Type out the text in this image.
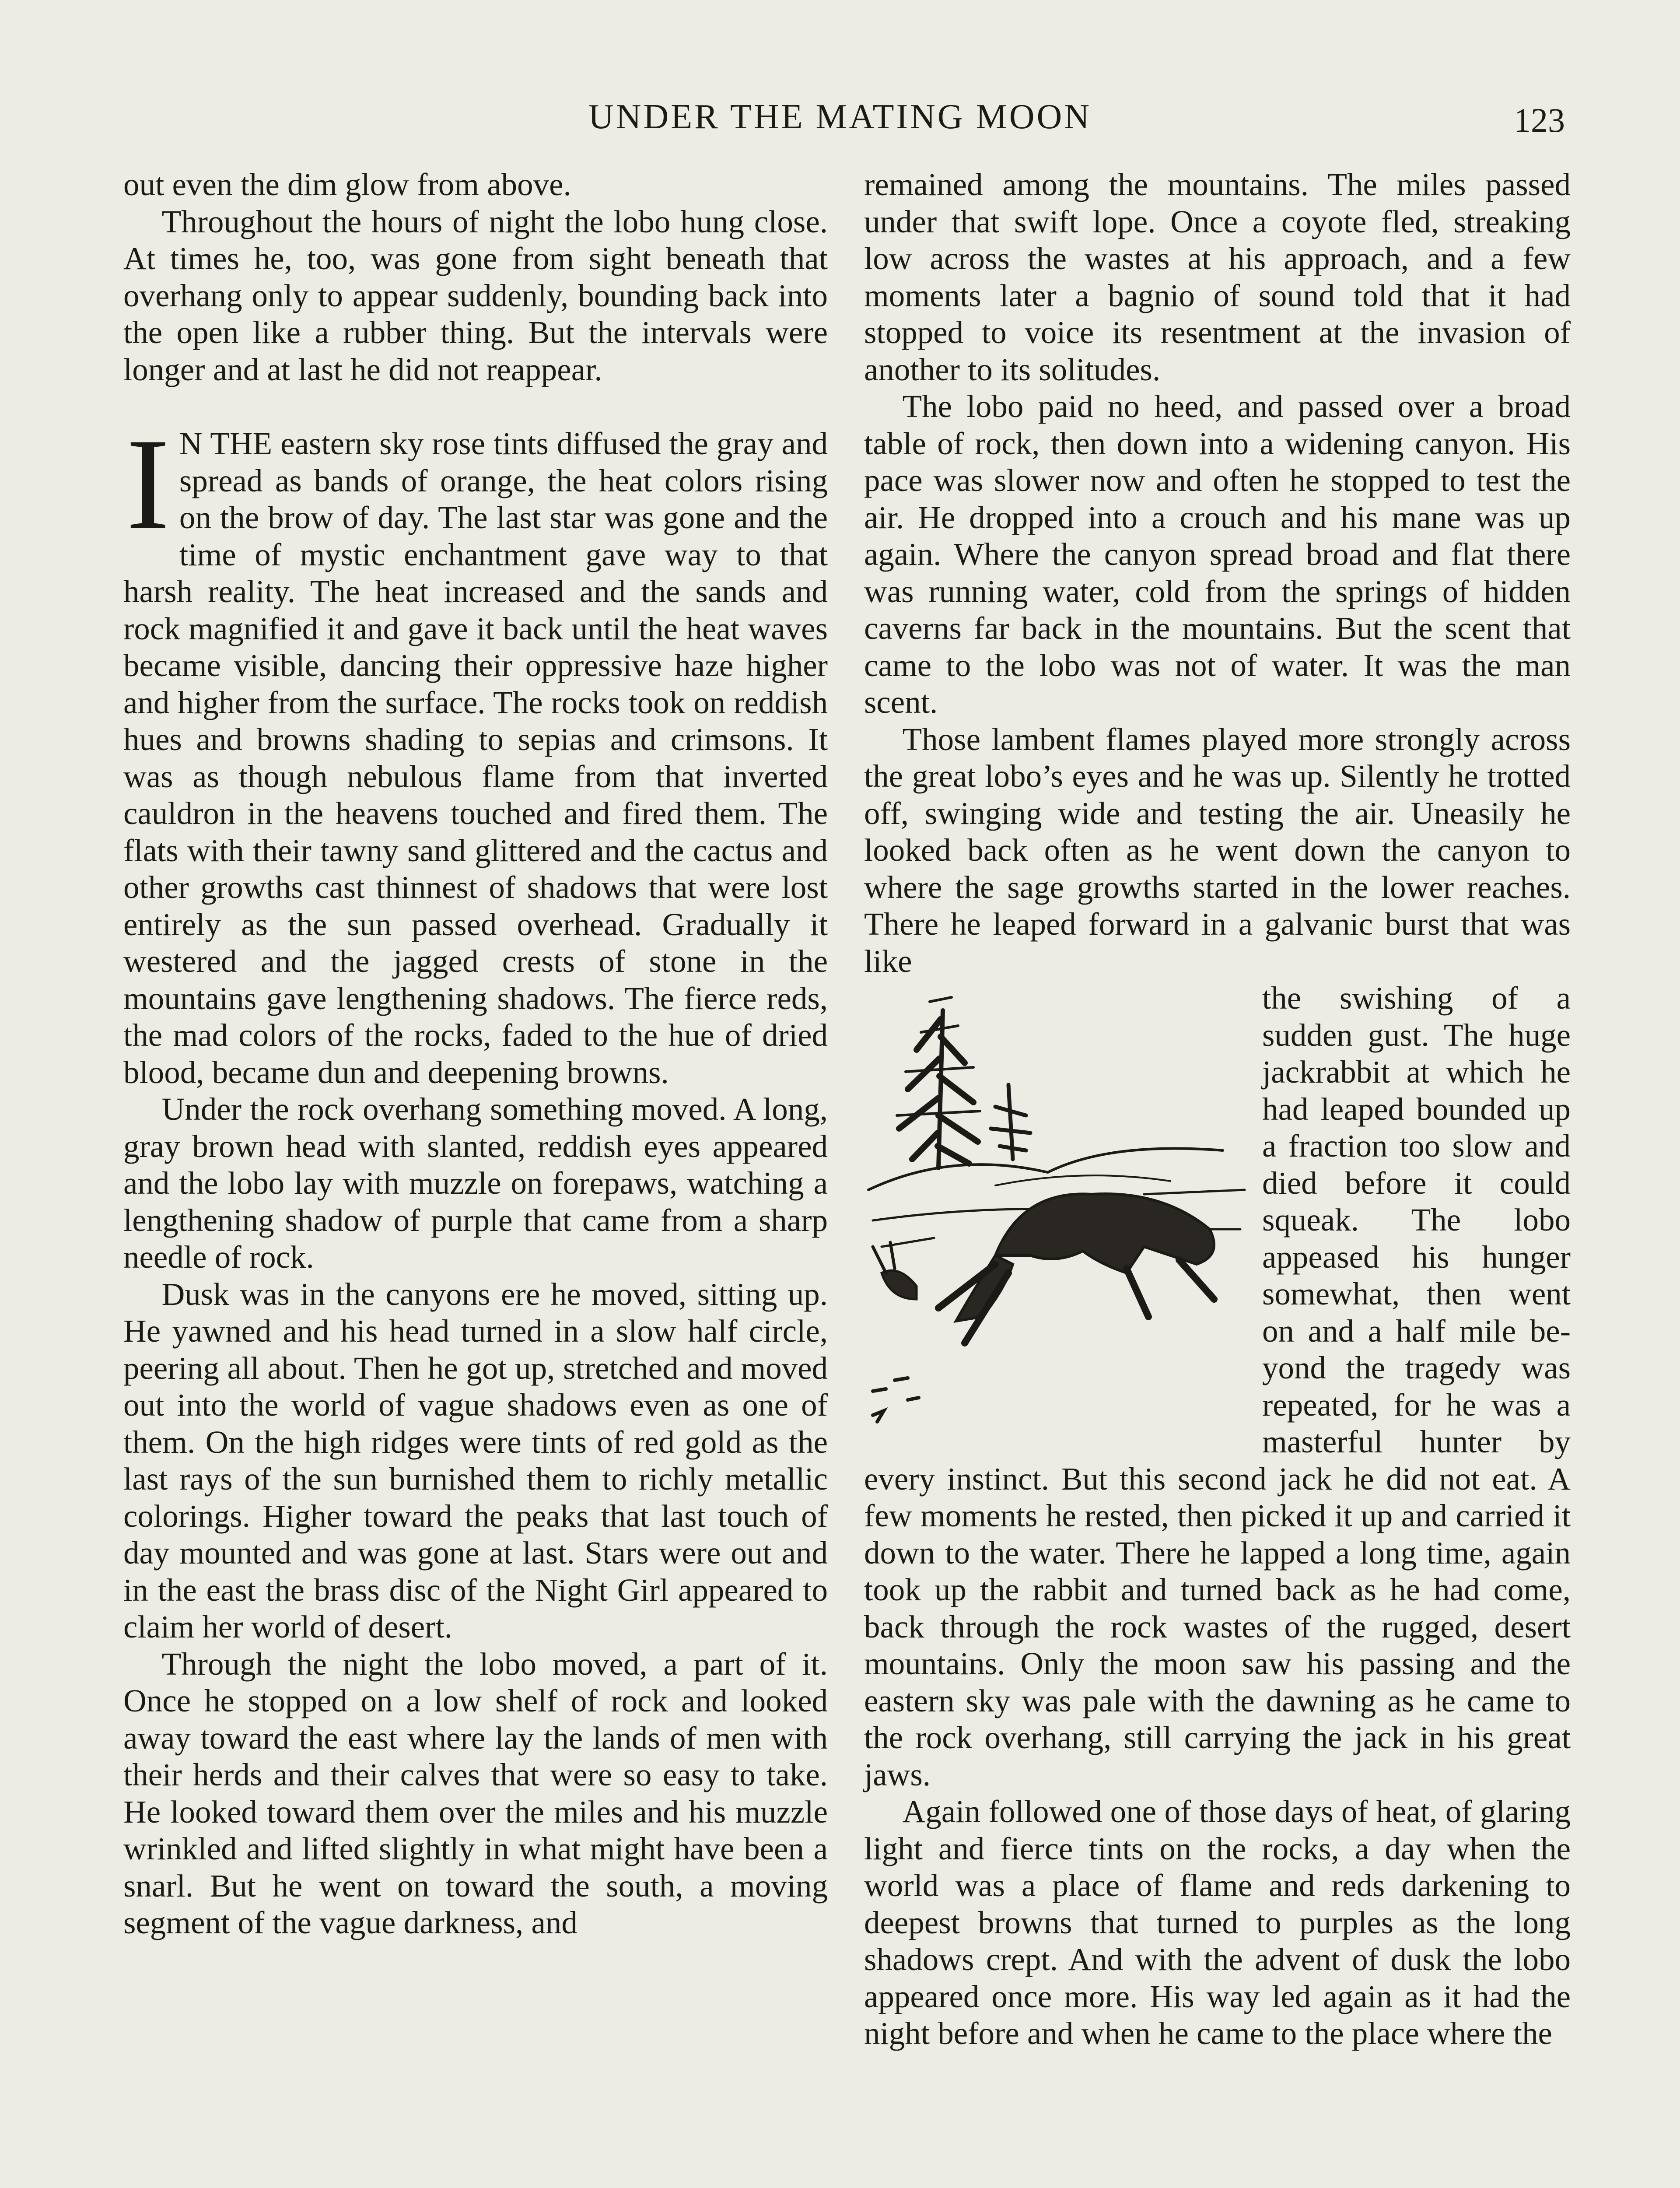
UNDER THE MATING MOON	123

out even the dim glow from above.

Throughout the hours of night the lobo hung close. At times he, too, was gone from sight beneath that overhang only to appear suddenly, bounding back into the open like a rubber thing. But the intervals were longer and at last he did not reappear.

I N THE eastern sky rose tints diffused the gray and spread as bands of orange, the heat colors rising on the brow of day. The last star was gone and the time of mystic enchantment gave way to that harsh reality. The heat increased and the sands and rock magnified it and gave it back until the heat waves became visible, dancing their oppressive haze higher and higher from the surface. The rocks took on reddish hues and browns shading to sepias and crimsons. It was as though nebulous flame from that inverted cauldron in the heavens touched and fired them. The flats with their tawny sand glittered and the cactus and other growths cast thinnest of shadows that were lost entirely as the sun passed overhead. Gradually it westered and the jagged crests of stone in the mountains gave lengthening shadows. The fierce reds, the mad colors of the rocks, faded to the hue of dried blood, became dun and deepening browns.

Under the rock overhang something moved. A long, gray brown head with slanted, reddish eyes appeared and the lobo lay with muzzle on forepaws, watching a lengthening shadow of purple that came from a sharp needle of rock.

Dusk was in the canyons ere he moved, sitting up. He yawned and his head turned in a slow half circle, peering all about. Then he got up, stretched and moved out into the world of vague shadows even as one of them. On the high ridges were tints of red gold as the last rays of the sun burnished them to richly metallic colorings. Higher toward the peaks that last touch of day mounted and was gone at last. Stars were out and in the east the brass disc of the Night Girl appeared to claim her world of desert.

Through the night the lobo moved, a part of it. Once he stopped on a low shelf of rock and looked away toward the east where lay the lands of men with their herds and their calves that were so easy to take. He looked toward them over the miles and his muzzle wrinkled and lifted slightly in what might have been a snarl. But he went on toward the south, a moving segment of the vague darkness, and

remained among the mountains. The miles passed under that swift lope. Once a coyote fled, streaking low across the wastes at his approach, and a few moments later a bagnio of sound told that it had stopped to voice its resentment at the invasion of another to its solitudes.

The lobo paid no heed, and passed over a broad table of rock, then down into a widening canyon. His pace was slower now and often he stopped to test the air. He dropped into a crouch and his mane was up again. Where the canyon spread broad and flat there was running water, cold from the springs of hidden caverns far back in the mountains. But the scent that came to the lobo was not of water. It was the man scent.

Those lambent flames played more strongly across the great lobo’s eyes and he was up. Silently he trotted off, swinging wide and testing the air. Uneasily he looked back often as he went down the canyon to where the sage growths started in the lower reaches. There he leaped forward in a galvanic burst that was like

the swishing of a sudden gust. The huge jackrabbit at which he had leaped bounded up a fraction too slow and died before it could squeak. The lobo appeased his hunger somewhat, then went on and a half mile beyond the tragedy was repeated, for he was a masterful hunter by every instinct. But this second jack he did not eat. A few moments he rested, then picked it up and carried it down to the water. There he lapped a long time, again took up the rabbit and turned back as he had come, back through the rock wastes of the rugged, desert mountains. Only the moon saw his passing and the eastern sky was pale with the dawning as he came to the rock overhang, still carrying the jack in his great jaws.

Again followed one of those days of heat, of glaring light and fierce tints on the rocks, a day when the world was a place of flame and reds darkening to deepest browns that turned to purples as the long shadows crept. And with the advent of dusk the lobo appeared once more. His way led again as it had the night before and when he came to the place where the
